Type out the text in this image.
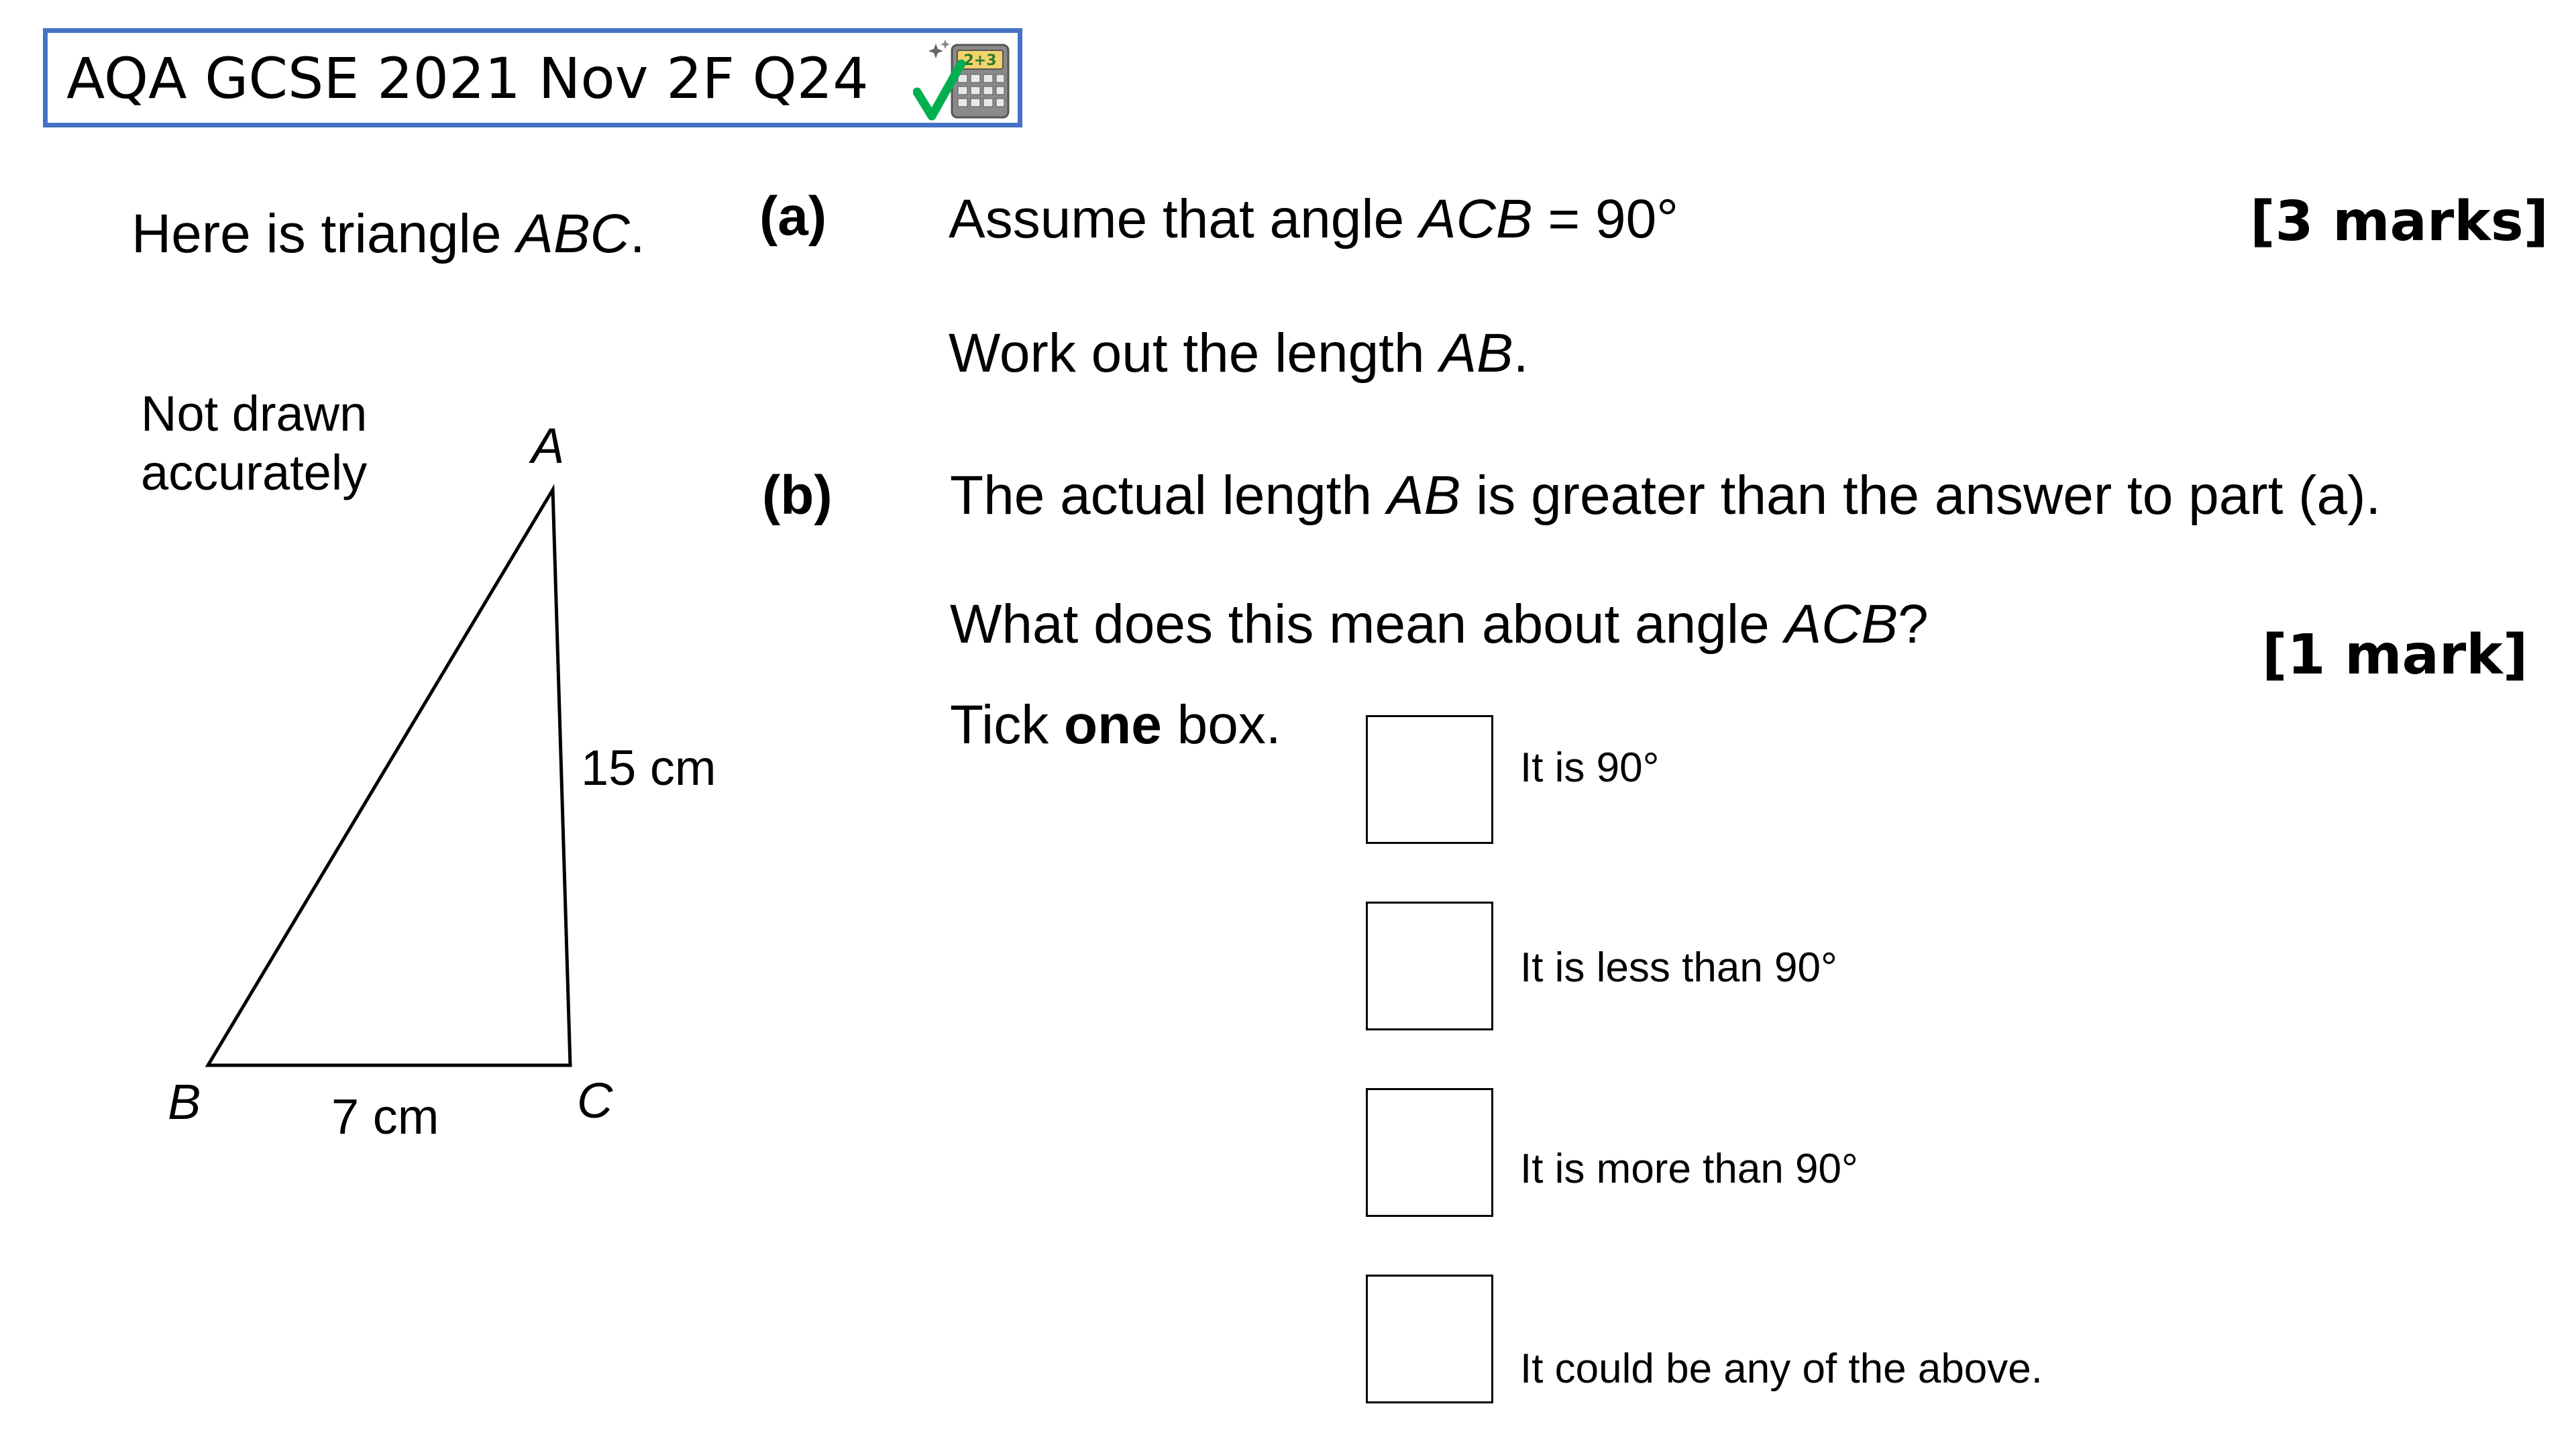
AQA GCSE 2021 Nov 2F Q24	2+3
Here is triangle ABC.
Not drawn
accurately	A
B	C
15 cm
7 cm
(a) Assume that angle ACB = 90°	[3 marks]
Work out the length AB.
(b) The actual length AB is greater than the answer to part (a).
What does this mean about angle ACB?	[1 mark]
Tick one box.
It is 90°
It is less than 90°
It is more than 90°
It could be any of the above.
